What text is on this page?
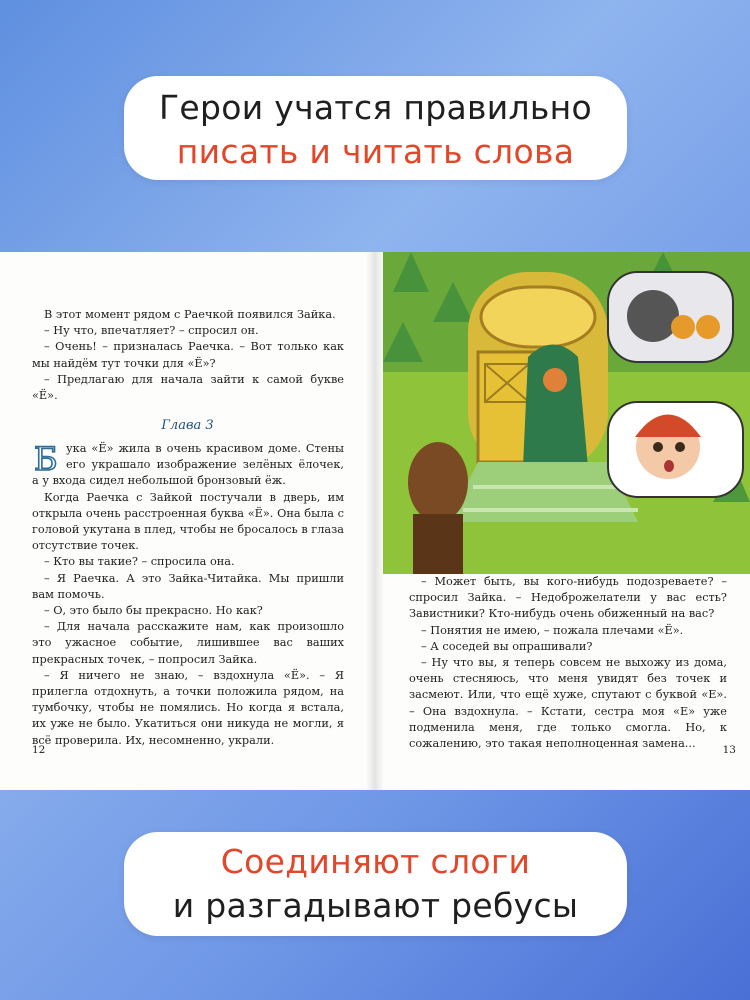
Герои учатся правильно
писать и читать слова

В этот момент рядом с Раечкой появился Зайка.

– Ну что, впечатляет? – спросил он.

– Очень! – призналась Раечка. – Вот только как мы найдём тут точки для «Ё»?

– Предлагаю для начала зайти к самой букве «Ё».

Глава 3

Б ука «Ё» жила в очень красивом доме. Стены его украшало изображение зелёных ёлочек, а у входа сидел небольшой бронзовый ёж.

Когда Раечка с Зайкой постучали в дверь, им открыла очень расстроенная буква «Ё». Она была с головой укутана в плед, чтобы не бросалось в глаза отсутствие точек.

– Кто вы такие? – спросила она.

– Я Раечка. А это Зайка-Читайка. Мы пришли вам помочь.

– О, это было бы прекрасно. Но как?

– Для начала расскажите нам, как произошло это ужасное событие, лишившее вас ваших прекрасных точек, – попросил Зайка.

– Я ничего не знаю, – вздохнула «Ё». – Я прилегла отдохнуть, а точки положила рядом, на тумбочку, чтобы не помялись. Но когда я встала, их уже не было. Укатиться они никуда не могли, я всё проверила. Их, несомненно, украли.

12

– Может быть, вы кого-нибудь подозреваете? – спросил Зайка. – Недоброжелатели у вас есть? Завистники? Кто-нибудь очень обиженный на вас?

– Понятия не имею, – пожала плечами «Ё».

– А соседей вы опрашивали?

– Ну что вы, я теперь совсем не выхожу из дома, очень стесняюсь, что меня увидят без точек и засмеют. Или, что ещё хуже, спутают с буквой «Е». – Она вздохнула. – Кстати, сестра моя «Е» уже подменила меня, где только смогла. Но, к сожалению, это такая неполноценная замена...	13
Соединяют слоги
и разгадывают ребусы
